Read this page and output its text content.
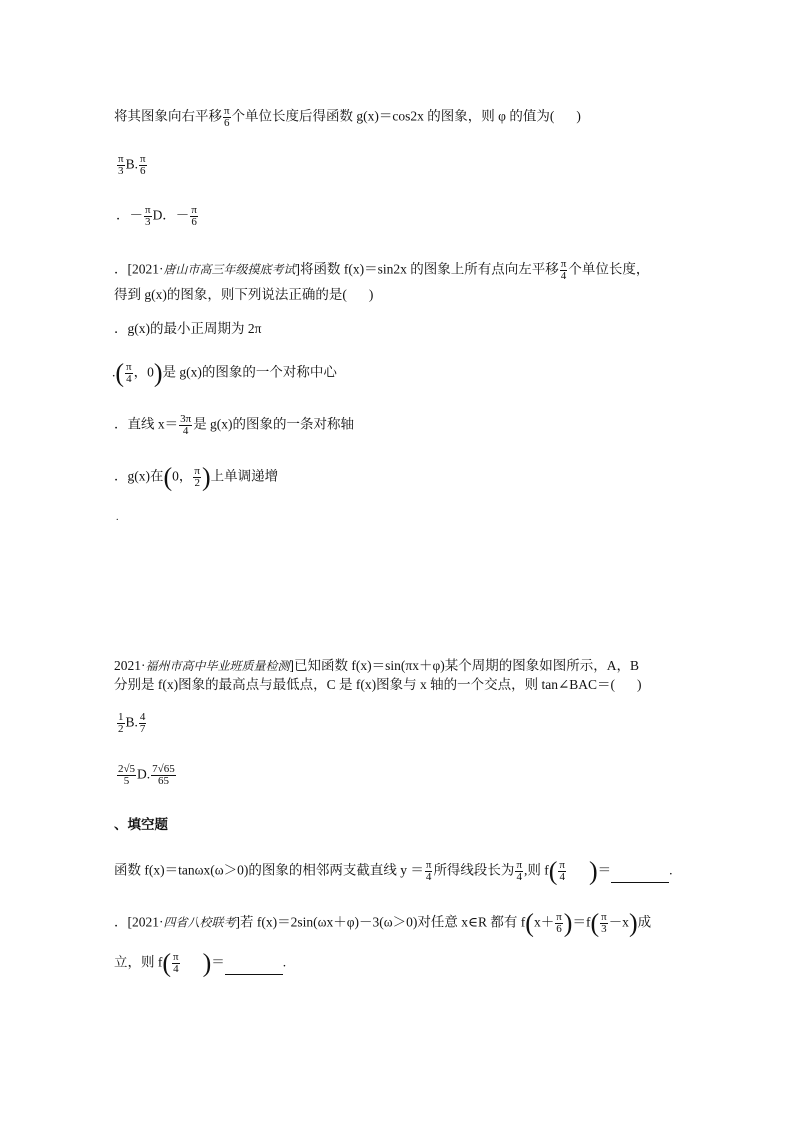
将其图象向右平移 $\frac{\pi}{6}$ 个单位长度后得函数 g(x)＝cos2x 的图象，则 φ 的值为( )
$\frac{\pi}{3} B$. $\frac{\pi}{6}$
．－ $\frac{\pi}{3}$ D．－ $\frac{\pi}{6}$
．[2021·唐山市高三年级摸底考试]将函数 f(x)＝sin2x 的图象上所有点向左平移 $\frac{\pi}{4}$ 个单位长度，
得到 g(x)的图象，则下列说法正确的是( )
．g(x)的最小正周期为 2π
.( $\frac{\pi}{4}$ ，0)是 g(x)的图象的一个对称中心
．直线 $x= \frac{3\pi}{4}$ 是 g(x)的图象的一条对称轴
．g(x)在(0， $\frac{\pi}{2}$ )上单调递增
.
2021·福州市高中毕业班质量检测]已知函数 f(x)＝sin(πx＋φ)某个周期的图象如图所示，A，B
分别是 f(x)图象的最高点与最低点，C 是 f(x)图象与 x 轴的一个交点，则 tan∠BAC＝( )
$\frac{1}{2} B$. $\frac{4}{7}$
$\frac{2√5}{5} D$. $\frac{7√65}{65}$
、填空题
函数 f(x)＝tanωx(ω＞0)的图象的相邻两支截直线 $y = \frac{\pi}{4}$ 所得线段长为 $\frac{\pi}{4}$ ,则 $f( \frac{\pi}{4}$ )＝	.
．[2021·四省八校联考]若 f(x)＝2sin(ωx＋φ)－3(ω＞0)对任意 x∈R 都有 $f(x+ \frac{\pi}{6} )=f( \frac{\pi}{3} -x)$成
立，则 $f( \frac{\pi}{4}$ )＝	.
